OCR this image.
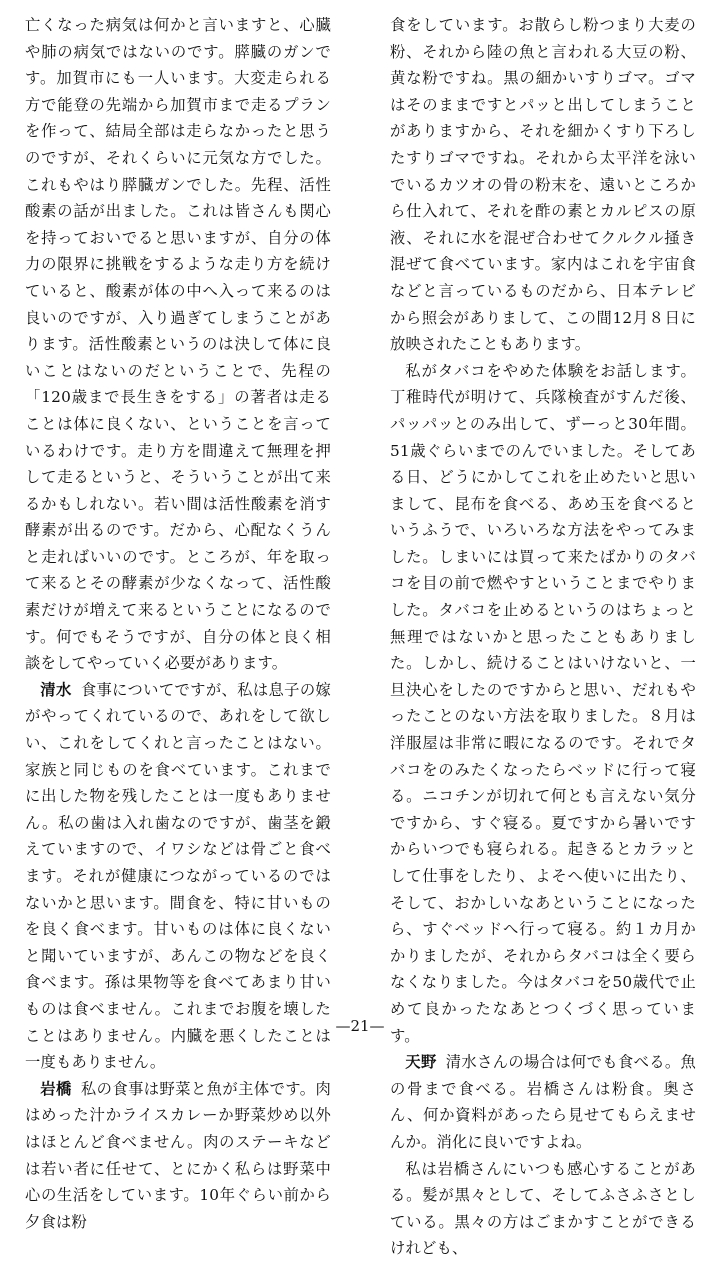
亡くなった病気は何かと言いますと、心臓や肺の病気ではないのです。膵臓のガンです。加賀市にも一人います。大変走られる方で能登の先端から加賀市まで走るプランを作って、結局全部は走らなかったと思うのですが、それくらいに元気な方でした。これもやはり膵臓ガンでした。先程、活性酸素の話が出ました。これは皆さんも関心を持っておいでると思いますが、自分の体力の限界に挑戦をするような走り方を続けていると、酸素が体の中へ入って来るのは良いのですが、入り過ぎてしまうことがあります。活性酸素というのは決して体に良いことはないのだということで、先程の「120歳まで長生きをする」の著者は走ることは体に良くない、ということを言っているわけです。走り方を間違えて無理を押して走るというと、そういうことが出て来るかもしれない。若い間は活性酸素を消す酵素が出るのです。だから、心配なくうんと走ればいいのです。ところが、年を取って来るとその酵素が少なくなって、活性酸素だけが増えて来るということになるのです。何でもそうですが、自分の体と良く相談をしてやっていく必要があります。

清水 食事についてですが、私は息子の嫁がやってくれているので、あれをして欲しい、これをしてくれと言ったことはない。家族と同じものを食べています。これまでに出した物を残したことは一度もありません。私の歯は入れ歯なのですが、歯茎を鍛えていますので、イワシなどは骨ごと食べます。それが健康につながっているのではないかと思います。間食を、特に甘いものを良く食べます。甘いものは体に良くないと聞いていますが、あんこの物などを良く食べます。孫は果物等を食べてあまり甘いものは食べません。これまでお腹を壊したことはありません。内臓を悪くしたことは一度もありません。

岩橋 私の食事は野菜と魚が主体です。肉はめった汁かライスカレーか野菜炒め以外はほとんど食べません。肉のステーキなどは若い者に任せて、とにかく私らは野菜中心の生活をしています。10年ぐらい前から夕食は粉

食をしています。お散らし粉つまり大麦の粉、それから陸の魚と言われる大豆の粉、黄な粉ですね。黒の細かいすりゴマ。ゴマはそのままですとパッと出してしまうことがありますから、それを細かくすり下ろしたすりゴマですね。それから太平洋を泳いでいるカツオの骨の粉末を、遠いところから仕入れて、それを酢の素とカルピスの原液、それに水を混ぜ合わせてクルクル掻き混ぜて食べています。家内はこれを宇宙食などと言っているものだから、日本テレビから照会がありまして、この間12月８日に放映されたこともあります。

私がタバコをやめた体験をお話します。丁稚時代が明けて、兵隊検査がすんだ後、パッパッとのみ出して、ずーっと30年間。51歳ぐらいまでのんでいました。そしてある日、どうにかしてこれを止めたいと思いまして、昆布を食べる、あめ玉を食べるというふうで、いろいろな方法をやってみました。しまいには買って来たばかりのタバコを目の前で燃やすということまでやりました。タバコを止めるというのはちょっと無理ではないかと思ったこともありました。しかし、続けることはいけないと、一旦決心をしたのですからと思い、だれもやったことのない方法を取りました。８月は洋服屋は非常に暇になるのです。それでタバコをのみたくなったらベッドに行って寝る。ニコチンが切れて何とも言えない気分ですから、すぐ寝る。夏ですから暑いですからいつでも寝られる。起きるとカラッとして仕事をしたり、よそへ使いに出たり、そして、おかしいなあということになったら、すぐベッドへ行って寝る。約１カ月かかりましたが、それからタバコは全く要らなくなりました。今はタバコを50歳代で止めて良かったなあとつくづく思っています。

天野 清水さんの場合は何でも食べる。魚の骨まで食べる。岩橋さんは粉食。奥さん、何か資料があったら見せてもらえませんか。消化に良いですよね。

私は岩橋さんにいつも感心することがある。髪が黒々として、そしてふさふさとしている。黒々の方はごまかすことができるけれども、

—21—
